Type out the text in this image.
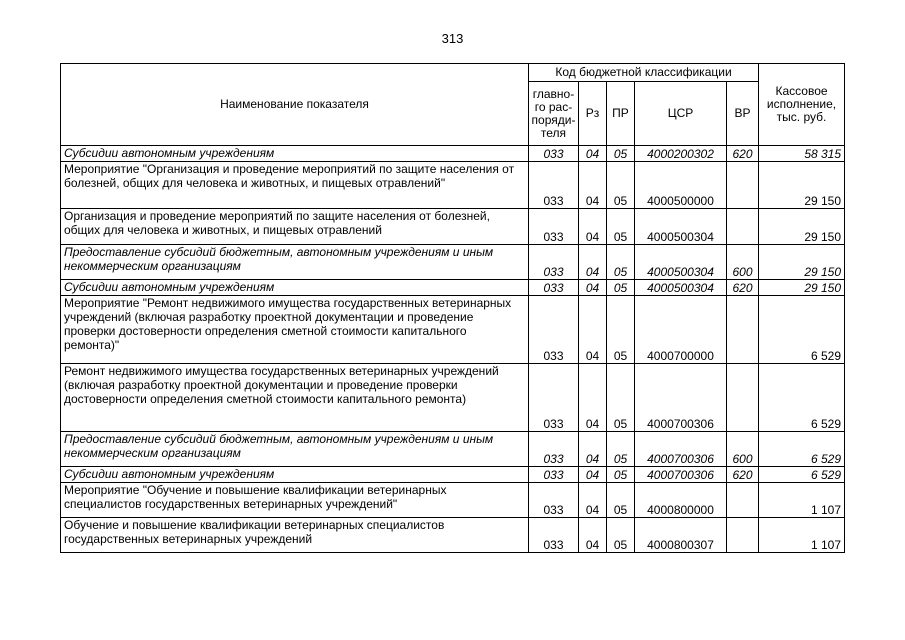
313
Наименование показателя	Код бюджетной классификации					Кассовое исполнение, тыс. руб.
	главно-го рас-поряди-теля	Рз	ПР	ЦСР	ВР	
Субсидии автономным учреждениям	033	04	05	4000200302	620	58 315
Мероприятие "Организация и проведение мероприятий по защите населения от болезней, общих для человека и животных, и пищевых отравлений"	033	04	05	4000500000		29 150
Организация и проведение мероприятий по защите населения от болезней, общих для человека и животных, и пищевых отравлений	033	04	05	4000500304		29 150
Предоставление субсидий бюджетным, автономным учреждениям и иным некоммерческим организациям	033	04	05	4000500304	600	29 150
Субсидии автономным учреждениям	033	04	05	4000500304	620	29 150
Мероприятие "Ремонт недвижимого имущества государственных ветеринарных учреждений (включая разработку проектной документации и проведение проверки достоверности определения сметной стоимости капитального ремонта)"	033	04	05	4000700000		6 529
Ремонт недвижимого имущества государственных ветеринарных учреждений (включая разработку проектной документации и проведение проверки достоверности определения сметной стоимости капитального ремонта)	033	04	05	4000700306		6 529
Предоставление субсидий бюджетным, автономным учреждениям и иным некоммерческим организациям	033	04	05	4000700306	600	6 529
Субсидии автономным учреждениям	033	04	05	4000700306	620	6 529
Мероприятие "Обучение и повышение квалификации ветеринарных специалистов государственных ветеринарных учреждений"	033	04	05	4000800000		1 107
Обучение и повышение квалификации ветеринарных специалистов государственных ветеринарных учреждений	033	04	05	4000800307		1 107
